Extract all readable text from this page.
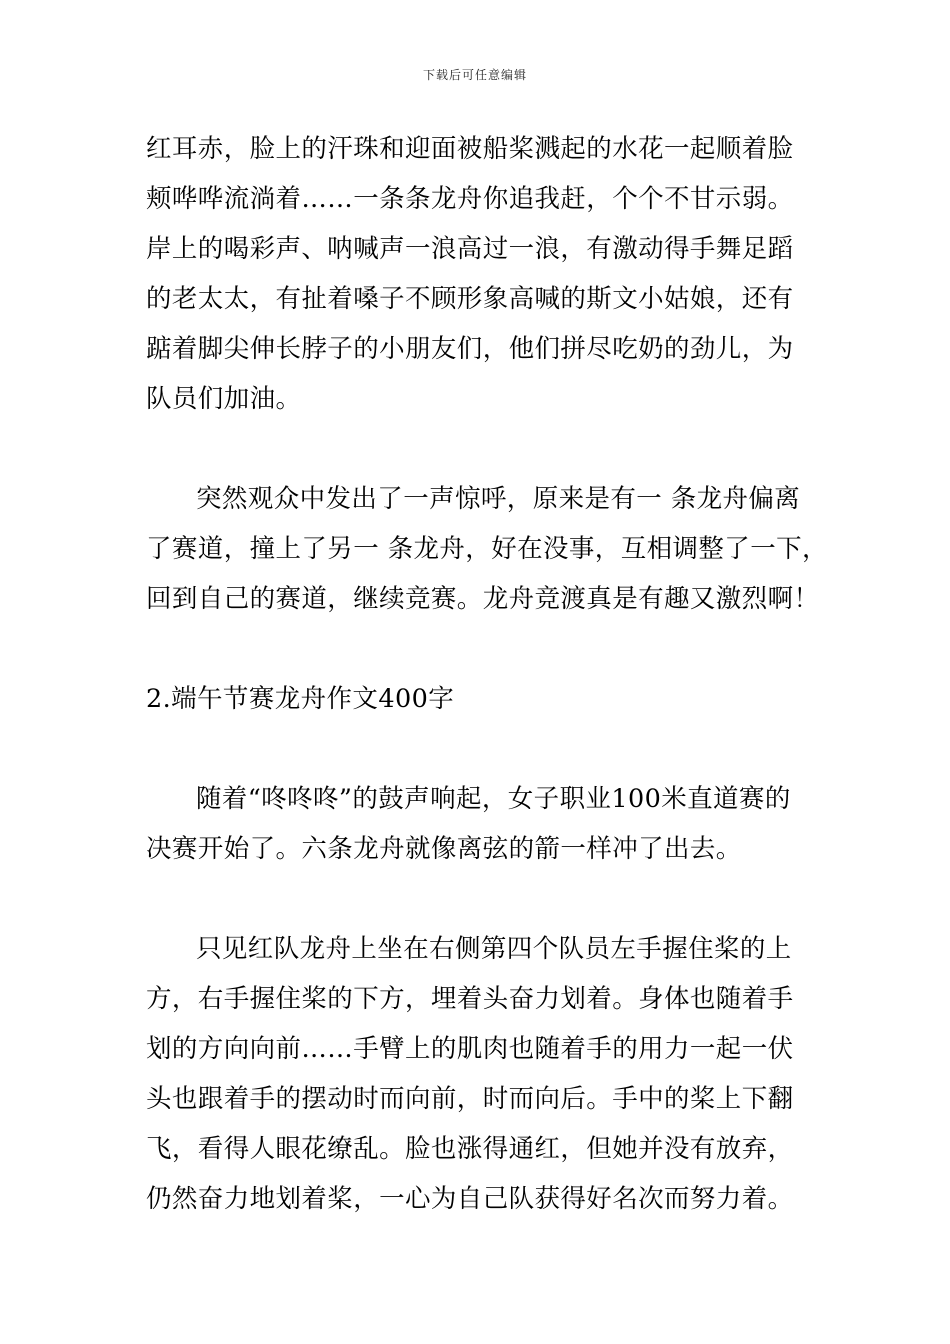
下载后可任意编辑
红耳赤，脸上的汗珠和迎面被船桨溅起的水花一起顺着脸
颊哗哗流淌着……一条条龙舟你追我赶，个个不甘示弱。
岸上的喝彩声、呐喊声一浪高过一浪，有激动得手舞足蹈
的老太太，有扯着嗓子不顾形象高喊的斯文小姑娘，还有
踮着脚尖伸长脖子的小朋友们，他们拼尽吃奶的劲儿，为
队员们加油。
突然观众中发出了一声惊呼，原来是有一 条龙舟偏离
了赛道，撞上了另一 条龙舟，好在没事，互相调整了一下，
回到自己的赛道，继续竞赛。龙舟竞渡真是有趣又激烈啊！
2.端午节赛龙舟作文400字
随着“咚咚咚”的鼓声响起，女子职业100米直道赛的
决赛开始了。六条龙舟就像离弦的箭一样冲了出去。
只见红队龙舟上坐在右侧第四个队员左手握住桨的上
方，右手握住桨的下方，埋着头奋力划着。身体也随着手
划的方向向前……手臂上的肌肉也随着手的用力一起一伏
头也跟着手的摆动时而向前，时而向后。手中的桨上下翻
飞，看得人眼花缭乱。脸也涨得通红，但她并没有放弃，
仍然奋力地划着桨，一心为自己队获得好名次而努力着。
